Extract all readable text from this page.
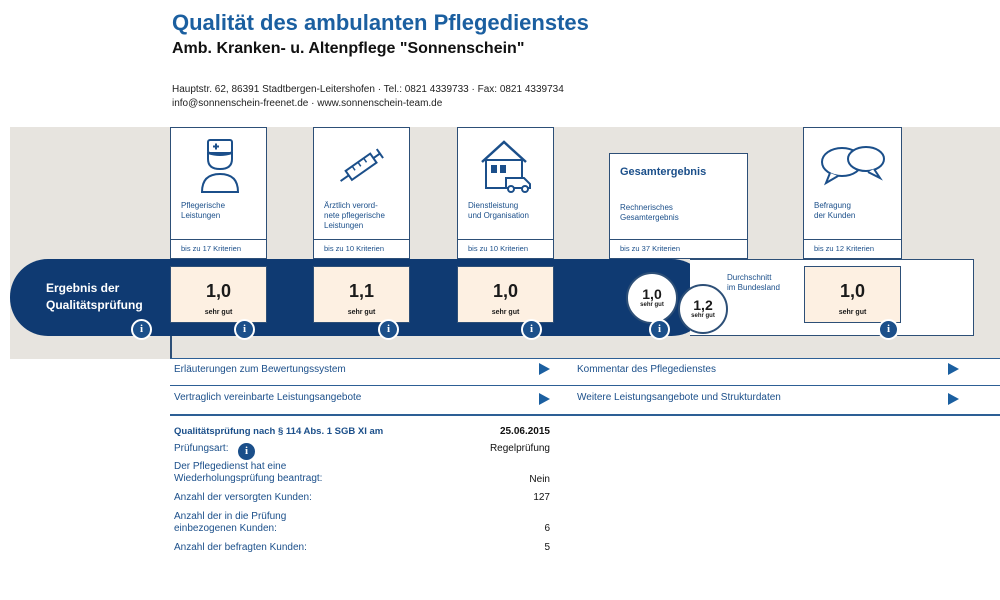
Qualität des ambulanten Pflegedienstes
Amb. Kranken- u. Altenpflege "Sonnenschein"
Hauptstr. 62, 86391 Stadtbergen-Leitershofen · Tel.: 0821 4339733 · Fax: 0821 4339734
info@sonnenschein-freenet.de · www.sonnenschein-team.de
Pflegerische
Leistungen
bis zu 17 Kriterien
Ärztlich verord-
nete pflegerische
Leistungen
bis zu 10 Kriterien
Dienstleistung
und Organisation
bis zu 10 Kriterien
Gesamtergebnis
Rechnerisches
Gesamtergebnis
bis zu 37 Kriterien
Befragung
der Kunden
bis zu 12 Kriterien
Ergebnis der
Qualitätsprüfung
1,0
sehr gut
1,1
sehr gut
1,0
sehr gut
1,0
sehr gut
1,0
sehr gut	1,2
sehr gut
Durchschnitt
im Bundesland
i	i	i	i	i	i
Erläuterungen zum Bewertungssystem	Kommentar des Pflegedienstes
Vertraglich vereinbarte Leistungsangebote	Weitere Leistungsangebote und Strukturdaten
Qualitätsprüfung nach § 114 Abs. 1 SGB XI am	25.06.2015
Prüfungsart:	i	Regelprüfung
Der Pflegedienst hat eine
Wiederholungsprüfung beantragt:	Nein
Anzahl der versorgten Kunden:	127
Anzahl der in die Prüfung
einbezogenen Kunden:	6
Anzahl der befragten Kunden:	5
